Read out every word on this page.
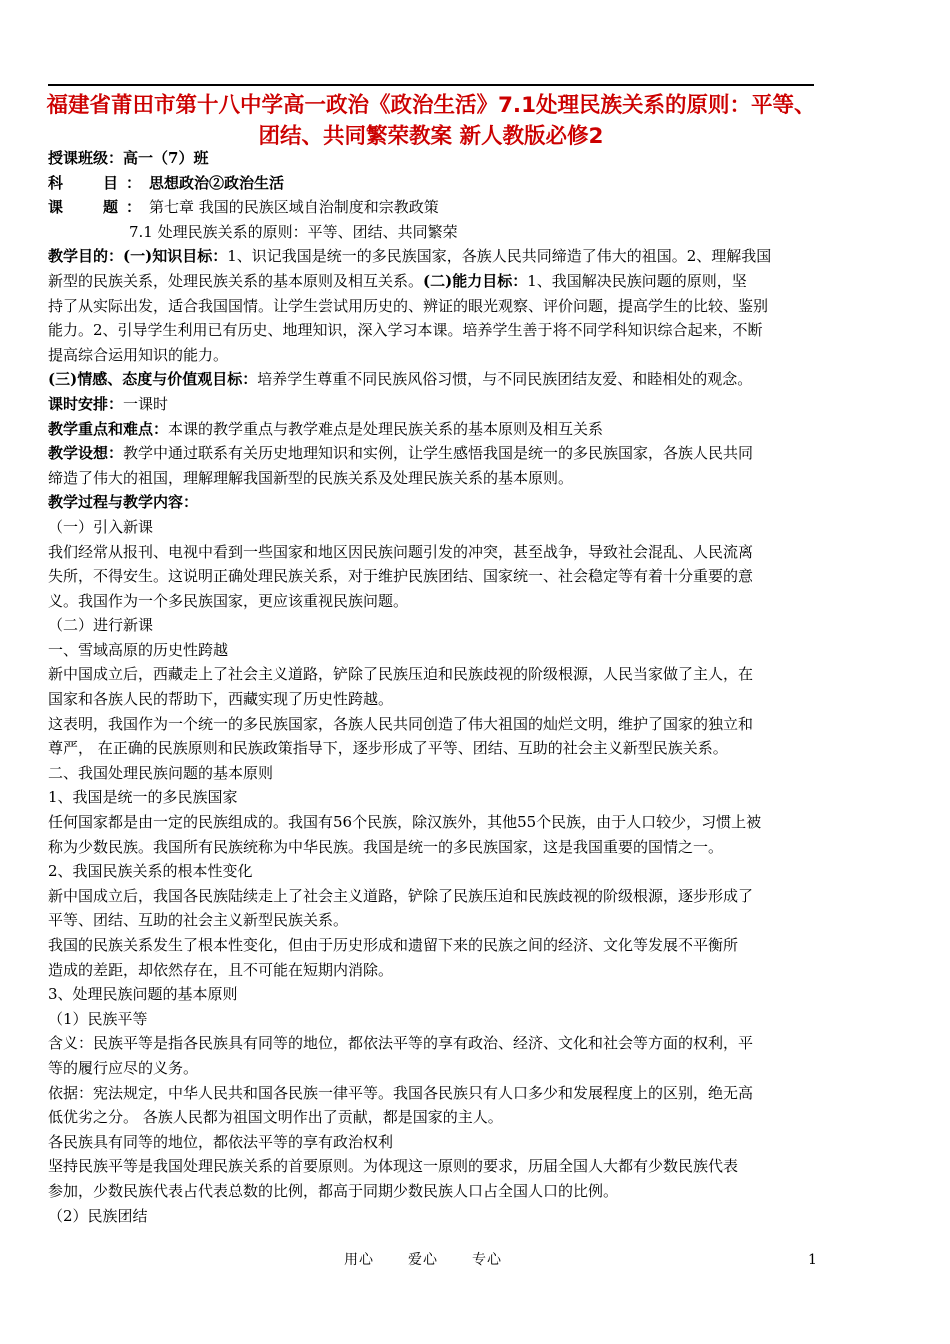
福建省莆田市第十八中学高一政治《政治生活》7.1处理民族关系的原则：平等、
团结、共同繁荣教案 新人教版必修2
授课班级：高一（7）班
科 目：思想政治②政治生活
课 题：第七章 我国的民族区域自治制度和宗教政策
7.1 处理民族关系的原则：平等、团结、共同繁荣
教学目的：(一)知识目标：1、识记我国是统一的多民族国家，各族人民共同缔造了伟大的祖国。2、理解我国
新型的民族关系，处理民族关系的基本原则及相互关系。(二)能力目标：1、我国解决民族问题的原则，坚
持了从实际出发，适合我国国情。让学生尝试用历史的、辨证的眼光观察、评价问题，提高学生的比较、鉴别
能力。2、引导学生利用已有历史、地理知识，深入学习本课。培养学生善于将不同学科知识综合起来，不断
提高综合运用知识的能力。
(三)情感、态度与价值观目标：培养学生尊重不同民族风俗习惯，与不同民族团结友爱、和睦相处的观念。
课时安排：一课时
教学重点和难点：本课的教学重点与教学难点是处理民族关系的基本原则及相互关系
教学设想：教学中通过联系有关历史地理知识和实例，让学生感悟我国是统一的多民族国家，各族人民共同
缔造了伟大的祖国，理解理解我国新型的民族关系及处理民族关系的基本原则。
教学过程与教学内容：
（一）引入新课
我们经常从报刊、电视中看到一些国家和地区因民族问题引发的冲突，甚至战争，导致社会混乱、人民流离
失所，不得安生。这说明正确处理民族关系，对于维护民族团结、国家统一、社会稳定等有着十分重要的意
义。我国作为一个多民族国家，更应该重视民族问题。
（二）进行新课
一、雪域高原的历史性跨越
新中国成立后，西藏走上了社会主义道路，铲除了民族压迫和民族歧视的阶级根源，人民当家做了主人，在
国家和各族人民的帮助下，西藏实现了历史性跨越。
这表明，我国作为一个统一的多民族国家，各族人民共同创造了伟大祖国的灿烂文明，维护了国家的独立和
尊严， 在正确的民族原则和民族政策指导下，逐步形成了平等、团结、互助的社会主义新型民族关系。
二、我国处理民族问题的基本原则
1、我国是统一的多民族国家
任何国家都是由一定的民族组成的。我国有56个民族，除汉族外，其他55个民族，由于人口较少，习惯上被
称为少数民族。我国所有民族统称为中华民族。我国是统一的多民族国家，这是我国重要的国情之一。
2、我国民族关系的根本性变化
新中国成立后，我国各民族陆续走上了社会主义道路，铲除了民族压迫和民族歧视的阶级根源，逐步形成了
平等、团结、互助的社会主义新型民族关系。
我国的民族关系发生了根本性变化，但由于历史形成和遗留下来的民族之间的经济、文化等发展不平衡所
造成的差距，却依然存在，且不可能在短期内消除。
3、处理民族问题的基本原则
（1）民族平等
含义：民族平等是指各民族具有同等的地位，都依法平等的享有政治、经济、文化和社会等方面的权利，平
等的履行应尽的义务。
依据：宪法规定，中华人民共和国各民族一律平等。我国各民族只有人口多少和发展程度上的区别，绝无高
低优劣之分。 各族人民都为祖国文明作出了贡献，都是国家的主人。
各民族具有同等的地位，都依法平等的享有政治权利
坚持民族平等是我国处理民族关系的首要原则。为体现这一原则的要求，历届全国人大都有少数民族代表
参加，少数民族代表占代表总数的比例，都高于同期少数民族人口占全国人口的比例。
（2）民族团结
用心 爱心 专心	1
